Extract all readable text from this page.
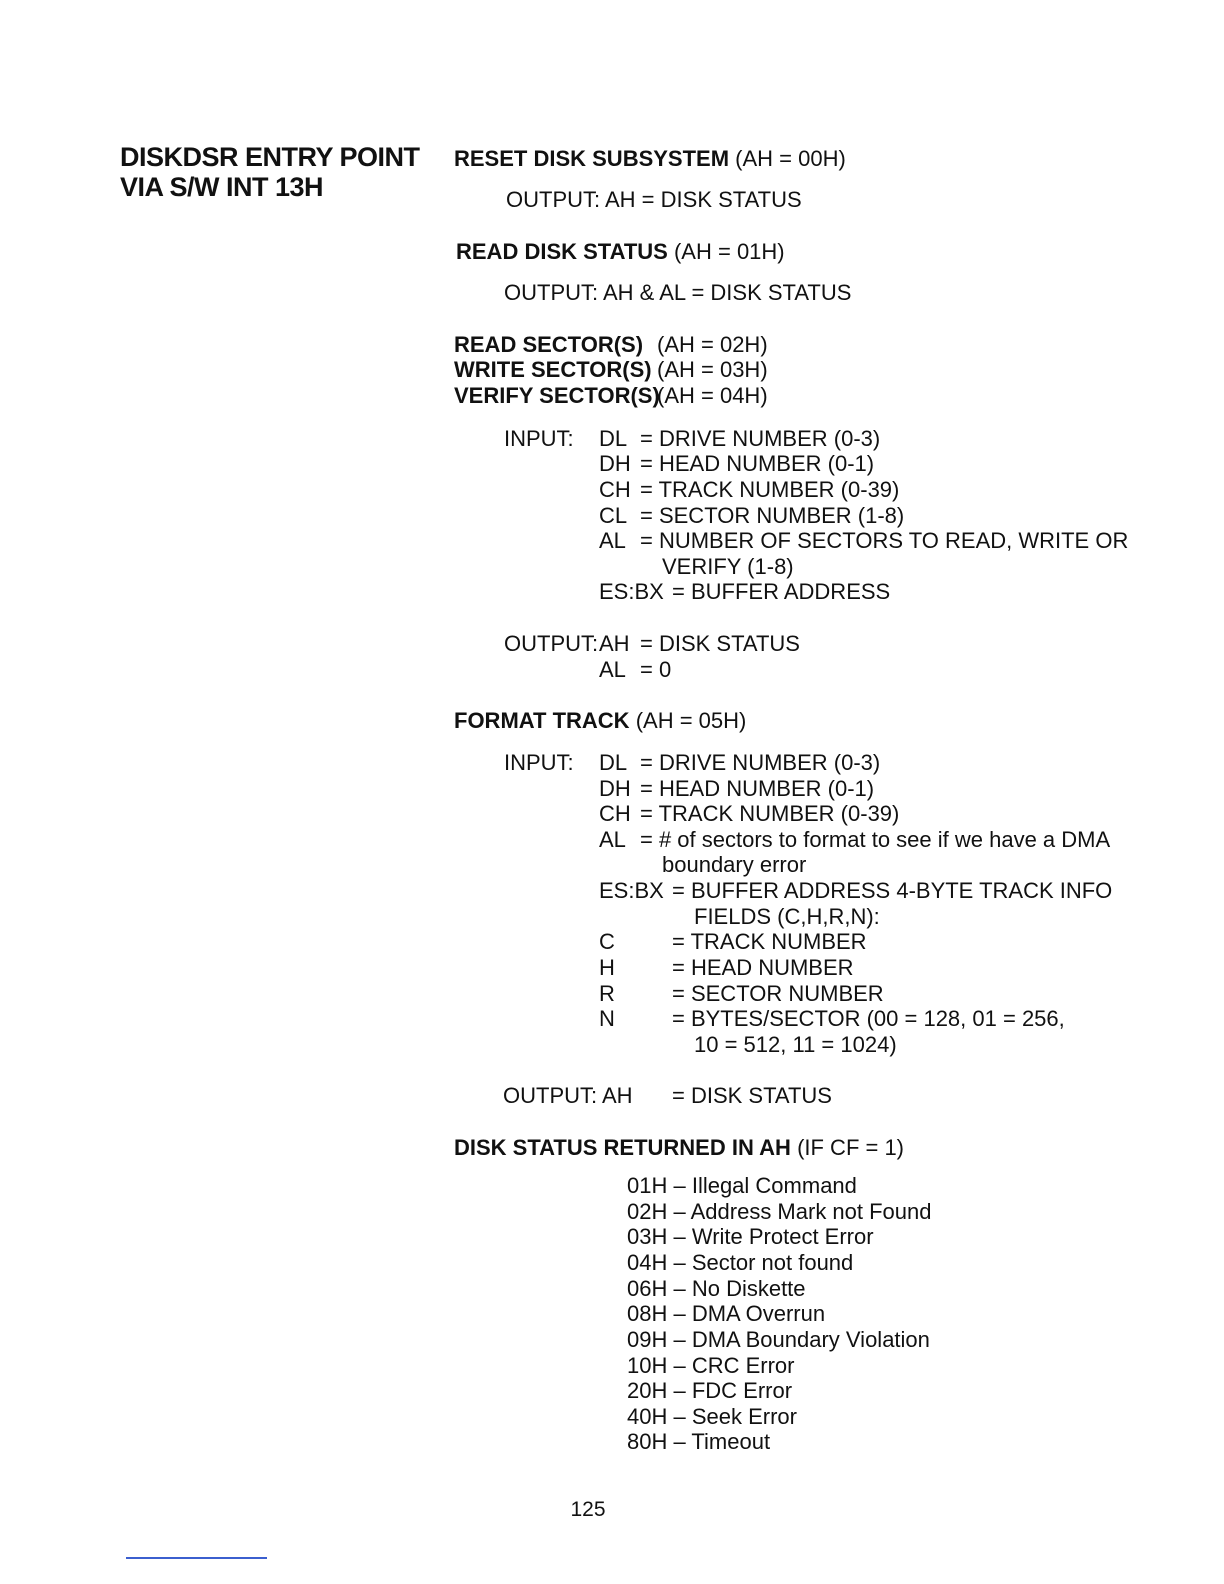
DISKDSR ENTRY POINT
VIA S/W INT 13H
RESET DISK SUBSYSTEM (AH = 00H)
OUTPUT: AH = DISK STATUS
READ DISK STATUS (AH = 01H)
OUTPUT: AH & AL = DISK STATUS
READ SECTOR(S) (AH = 02H)
WRITE SECTOR(S) (AH = 03H)
VERIFY SECTOR(S)
(AH = 04H)
INPUT: DL = DRIVE NUMBER (0-3)
DH = HEAD NUMBER (0-1)
CH = TRACK NUMBER (0-39)
CL = SECTOR NUMBER (1-8)
AL = NUMBER OF SECTORS TO READ, WRITE OR
VERIFY (1-8)
ES:BX = BUFFER ADDRESS
OUTPUT: AH = DISK STATUS
AL = 0
FORMAT TRACK (AH = 05H)
INPUT: DL = DRIVE NUMBER (0-3)
DH = HEAD NUMBER (0-1)
CH = TRACK NUMBER (0-39)
AL = # of sectors to format to see if we have a DMA
boundary error
ES:BX = BUFFER ADDRESS 4-BYTE TRACK INFO
FIELDS (C,H,R,N):
C	= TRACK NUMBER
H	= HEAD NUMBER
R	= SECTOR NUMBER
N	= BYTES/SECTOR (00 = 128, 01 = 256,
10 = 512, 11 = 1024)
OUTPUT: AH = DISK STATUS
DISK STATUS RETURNED IN AH (IF CF = 1)
01H – Illegal Command
02H – Address Mark not Found
03H – Write Protect Error
04H – Sector not found
06H – No Diskette
08H – DMA Overrun
09H – DMA Boundary Violation
10H – CRC Error
20H – FDC Error
40H – Seek Error
80H – Timeout
125
